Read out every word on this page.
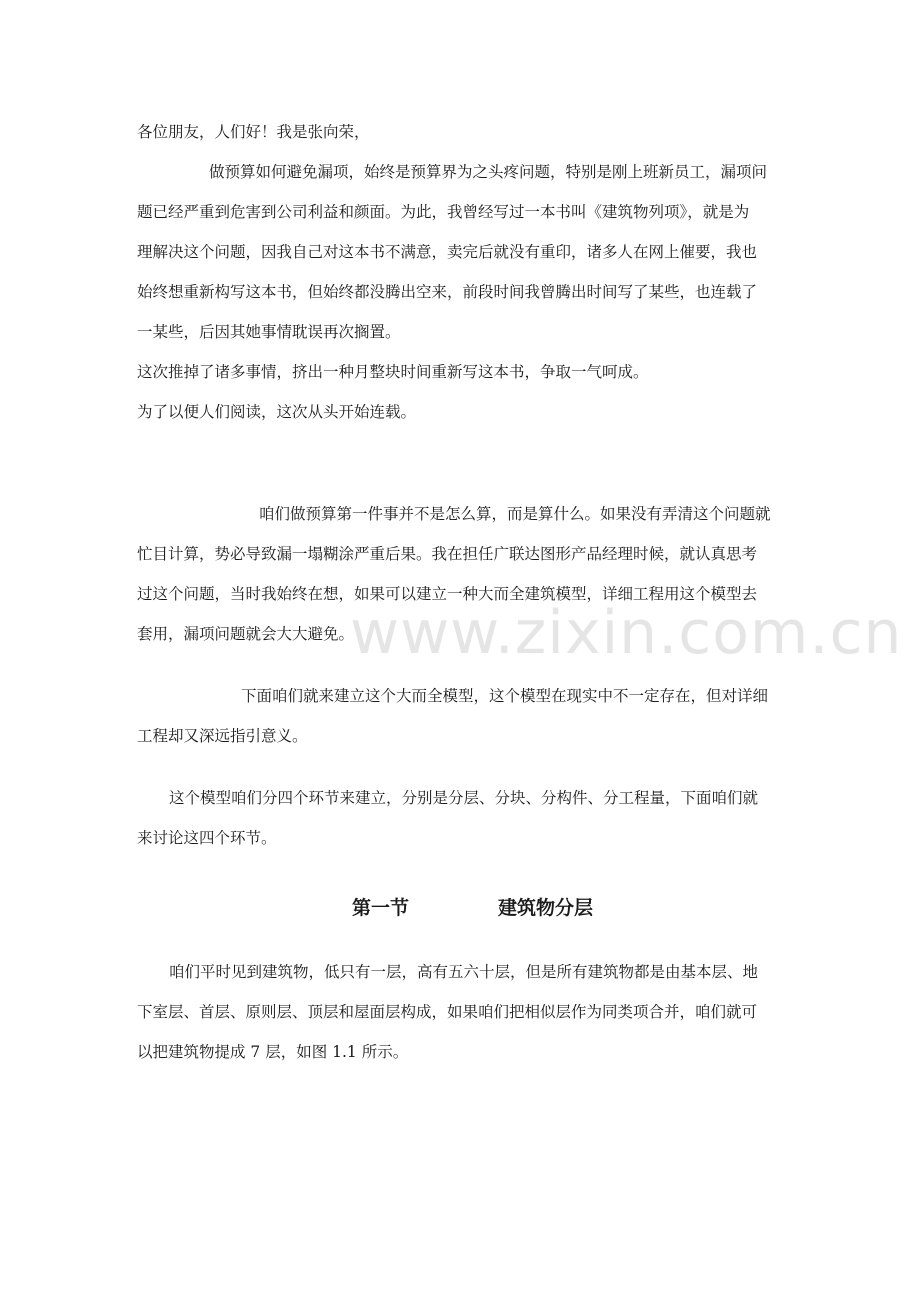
各位朋友，人们好！我是张向荣，
做预算如何避免漏项，始终是预算界为之头疼问题，特别是刚上班新员工，漏项问
题已经严重到危害到公司利益和颜面。为此，我曾经写过一本书叫《建筑物列项》，就是为
理解决这个问题，因我自己对这本书不满意，卖完后就没有重印，诸多人在网上催要，我也
始终想重新构写这本书，但始终都没腾出空来，前段时间我曾腾出时间写了某些，也连载了
一某些，后因其她事情耽误再次搁置。
这次推掉了诸多事情，挤出一种月整块时间重新写这本书，争取一气呵成。
为了以便人们阅读，这次从头开始连载。
咱们做预算第一件事并不是怎么算，而是算什么。如果没有弄清这个问题就
忙目计算，势必导致漏一塌糊涂严重后果。我在担任广联达图形产品经理时候，就认真思考
过这个问题，当时我始终在想，如果可以建立一种大而全建筑模型，详细工程用这个模型去
套用，漏项问题就会大大避免。
下面咱们就来建立这个大而全模型，这个模型在现实中不一定存在，但对详细
工程却又深远指引意义。
这个模型咱们分四个环节来建立，分别是分层、分块、分构件、分工程量，下面咱们就
来讨论这四个环节。
第一节	建筑物分层
咱们平时见到建筑物，低只有一层，高有五六十层，但是所有建筑物都是由基本层、地
下室层、首层、原则层、顶层和屋面层构成，如果咱们把相似层作为同类项合并，咱们就可
以把建筑物提成 7 层，如图 1.1 所示。
www.zixin.com.cn
